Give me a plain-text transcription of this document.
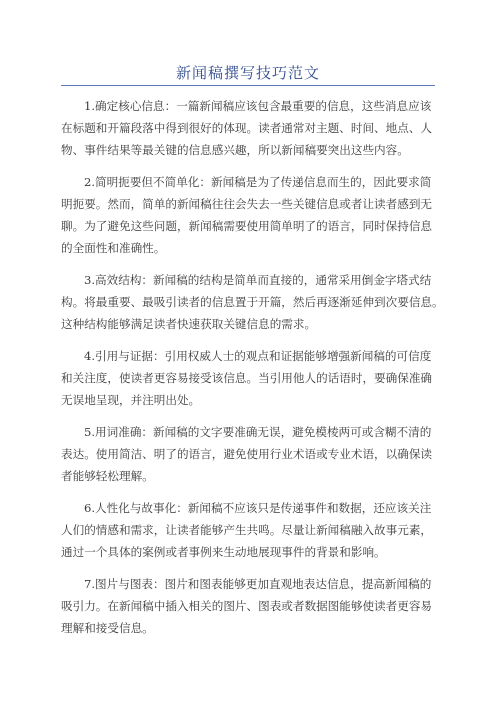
新闻稿撰写技巧范文

1.确定核心信息：一篇新闻稿应该包含最重要的信息，这些消息应该
在标题和开篇段落中得到很好的体现。读者通常对主题、时间、地点、人
物、事件结果等最关键的信息感兴趣，所以新闻稿要突出这些内容。

2.简明扼要但不简单化：新闻稿是为了传递信息而生的，因此要求简
明扼要。然而，简单的新闻稿往往会失去一些关键信息或者让读者感到无
聊。为了避免这些问题，新闻稿需要使用简单明了的语言，同时保持信息
的全面性和准确性。

3.高效结构：新闻稿的结构是简单而直接的，通常采用倒金字塔式结
构。将最重要、最吸引读者的信息置于开篇，然后再逐渐延伸到次要信息。
这种结构能够满足读者快速获取关键信息的需求。

4.引用与证据：引用权威人士的观点和证据能够增强新闻稿的可信度
和关注度，使读者更容易接受该信息。当引用他人的话语时，要确保准确
无误地呈现，并注明出处。

5.用词准确：新闻稿的文字要准确无误，避免模棱两可或含糊不清的
表达。使用简洁、明了的语言，避免使用行业术语或专业术语，以确保读
者能够轻松理解。

6.人性化与故事化：新闻稿不应该只是传递事件和数据，还应该关注
人们的情感和需求，让读者能够产生共鸣。尽量让新闻稿融入故事元素，
通过一个具体的案例或者事例来生动地展现事件的背景和影响。

7.图片与图表：图片和图表能够更加直观地表达信息，提高新闻稿的
吸引力。在新闻稿中插入相关的图片、图表或者数据图能够使读者更容易
理解和接受信息。
